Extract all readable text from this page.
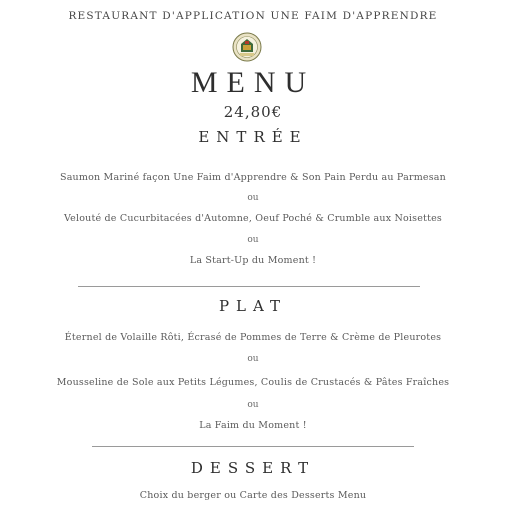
RESTAURANT D'APPLICATION UNE FAIM D'APPRENDRE
MENU
24,80€
ENTRÉE
Saumon Mariné façon Une Faim d'Apprendre & Son Pain Perdu au Parmesan
ou
Velouté de Cucurbitacées d'Automne, Oeuf Poché & Crumble aux Noisettes
ou
La Start-Up du Moment !
PLAT
Éternel de Volaille Rôti, Écrasé de Pommes de Terre & Crème de Pleurotes
ou
Mousseline de Sole aux Petits Légumes, Coulis de Crustacés & Pâtes Fraîches
ou
La Faim du Moment !
DESSERT
Choix du berger ou Carte des Desserts Menu
